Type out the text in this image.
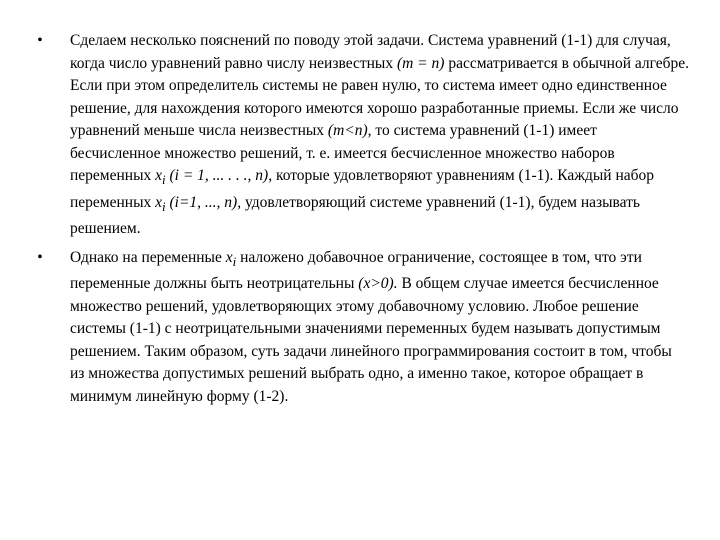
•	Сделаем несколько пояснений по поводу этой задачи. Система уравнений (1-1) для случая, когда число уравнений равно числу неизвестных (m = n) рассматривается в обычной алгебре. Если при этом определитель системы не равен нулю, то система имеет одно единственное решение, для нахождения которого имеются хорошо разработанные приемы. Если же число уравнений меньше числа неизвестных (m<n), то система уравнений (1-1) имеет бесчисленное множество решений, т. е. имеется бесчисленное множество наборов переменных $x_i$ (i = 1, ... . . ., n), которые удовлетворяют уравнениям (1-1). Каждый набор переменных $x_i$ (i=1, ..., n), удовлетворяющий системе уравнений (1-1), будем называть решением.
•	Однако на переменные $x_i$ наложено добавочное ограничение, состоящее в том, что эти переменные должны быть неотрицательны (x>0). В общем случае имеется бесчисленное множество решений, удовлетворяющих этому добавочному условию. Любое решение системы (1-1) с неотрицательными значениями переменных будем называть допустимым решением. Таким образом, суть задачи линейного программирования состоит в том, чтобы из множества допустимых решений выбрать одно, а именно такое, которое обращает в минимум линейную форму (1-2).
